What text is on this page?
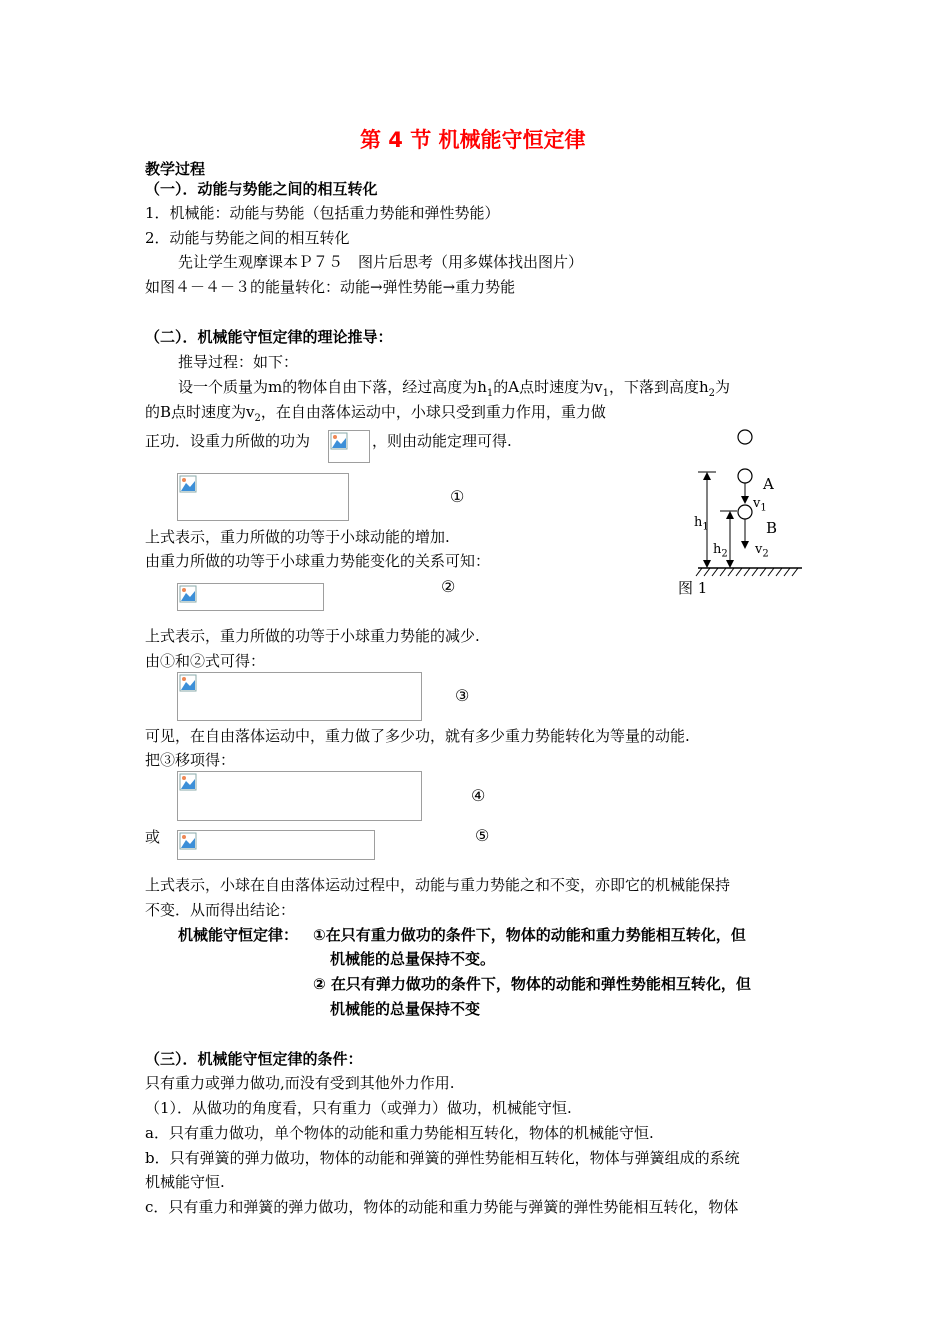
第 4 节 机械能守恒定律
教学过程
（一）．动能与势能之间的相互转化
1．机械能：动能与势能（包括重力势能和弹性势能）
2．动能与势能之间的相互转化
先让学生观摩课本Ｐ７５　图片后思考（用多媒体找出图片）
如图４－４－３的能量转化：动能→弹性势能→重力势能
（二）．机械能守恒定律的理论推导：
推导过程：如下：
设一个质量为m的物体自由下落，经过高度为$h_1$的A点时速度为$v_1$，下落到高度$h_2$为
的B点时速度为$v_2$，在自由落体运动中，小球只受到重力作用，重力做
正功．设重力所做的功为	，则由动能定理可得.
①
上式表示，重力所做的功等于小球动能的增加.
由重力所做的功等于小球重力势能变化的关系可知：
②
上式表示，重力所做的功等于小球重力势能的减少.
由①和②式可得：
③
可见，在自由落体运动中，重力做了多少功，就有多少重力势能转化为等量的动能.
把③移项得：
④
或	⑤
上式表示，小球在自由落体运动过程中，动能与重力势能之和不变，亦即它的机械能保持
不变．从而得出结论：
机械能守恒定律： ①在只有重力做功的条件下，物体的动能和重力势能相互转化，但
机械能的总量保持不变。
② 在只有弹力做功的条件下，物体的动能和弹性势能相互转化，但
机械能的总量保持不变
（三）．机械能守恒定律的条件：
只有重力或弹力做功,而没有受到其他外力作用.
（1）．从做功的角度看，只有重力（或弹力）做功，机械能守恒.
a．只有重力做功，单个物体的动能和重力势能相互转化，物体的机械能守恒.
b．只有弹簧的弹力做功，物体的动能和弹簧的弹性势能相互转化，物体与弹簧组成的系统
机械能守恒.
c．只有重力和弹簧的弹力做功，物体的动能和重力势能与弹簧的弹性势能相互转化，物体
A
$v_1$
B
$v_2$
$h_1$
$h_2$
图 1
